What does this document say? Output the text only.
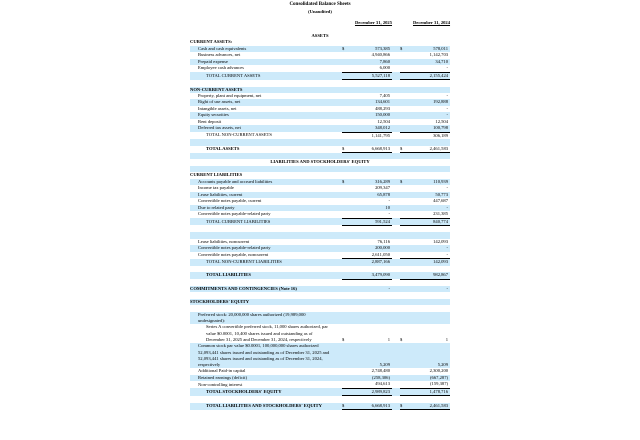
Consolidated Balance Sheets
(Unaudited)
	December 31, 2025			December 31, 2024	

ASSETS					
CURRENT ASSETS:					
Cash and cash equivalents	$	573,385		$	578,011
Business advances, net		4,940,866			1,142,703
Prepaid expense		7,860			34,710
Employee cash advances		6,000			-
TOTAL CURRENT ASSETS		5,527,118			2,155,424

NON-CURRENT ASSETS					
Property, plant and equipment, net		7,405			-
Right of use assets, net		134,601			192,888
Intangible assets, net		488,293			-
Equity securities		150,000			-
Rent deposit		12,504			12,504
Deferred tax assets, net		348,012			100,798
TOTAL NON-CURRENT ASSETS		1,141,795			306,189

TOTAL ASSETS	$	6,668,913		$	2,461,583

LIABILITIES AND STOCKHOLDERS' EQUITY					

CURRENT LIABILITIES					
Accounts payable and accrued liabilities	$	316,289		$	110,939
Income tax payable		209,347			-
Lease liabilities, current		65,878			50,773
Convertible notes payable, current		-			447,687
Due to related party		10			-
Convertible notes payable-related party		-			231,385
TOTAL CURRENT LIABILITIES		591,524			840,774

Lease liabilities, noncurrent		76,116			142,093
Convertible notes payable-related party		200,000			-
Convertible notes payable, noncurrent		2,611,050			-
TOTAL NON-CURRENT LIABILITIES		2,887,166			142,093

TOTAL LIABILITIES		3,479,090			982,867

COMMITMENTS AND CONTINGENCIES (Note 16)		-			-

STOCKHOLDERS' EQUITY					

Preferred stock: 20,000,000 shares authorized (19,989,000 undesignated):					
Series A convertible preferred stock, 11,000 shares authorized, par value $0.0001, 10,400 shares issued and outstanding as of December 31, 2025 and December 31, 2024, respectively	$	1		$	1
Common stock par value $0.0001, 100,000,000 shares authorized 52,093,441 shares issued and outstanding as of December 31, 2025 and 52,093,441 shares issued and outstanding as of December 31, 2024, respectively		5,209			5,209
Additional Paid-in capital		2,748,480			2,300,200
Retained earnings (deficit)		(258,306)			(667,287)
Non-controlling interest		494,613			(159,387)
TOTAL STOCKHOLDERS' EQUITY		2,989,823			1,478,716

TOTAL LIABILITIES AND STOCKHOLDERS' EQUITY	$	6,668,913		$	2,461,583
